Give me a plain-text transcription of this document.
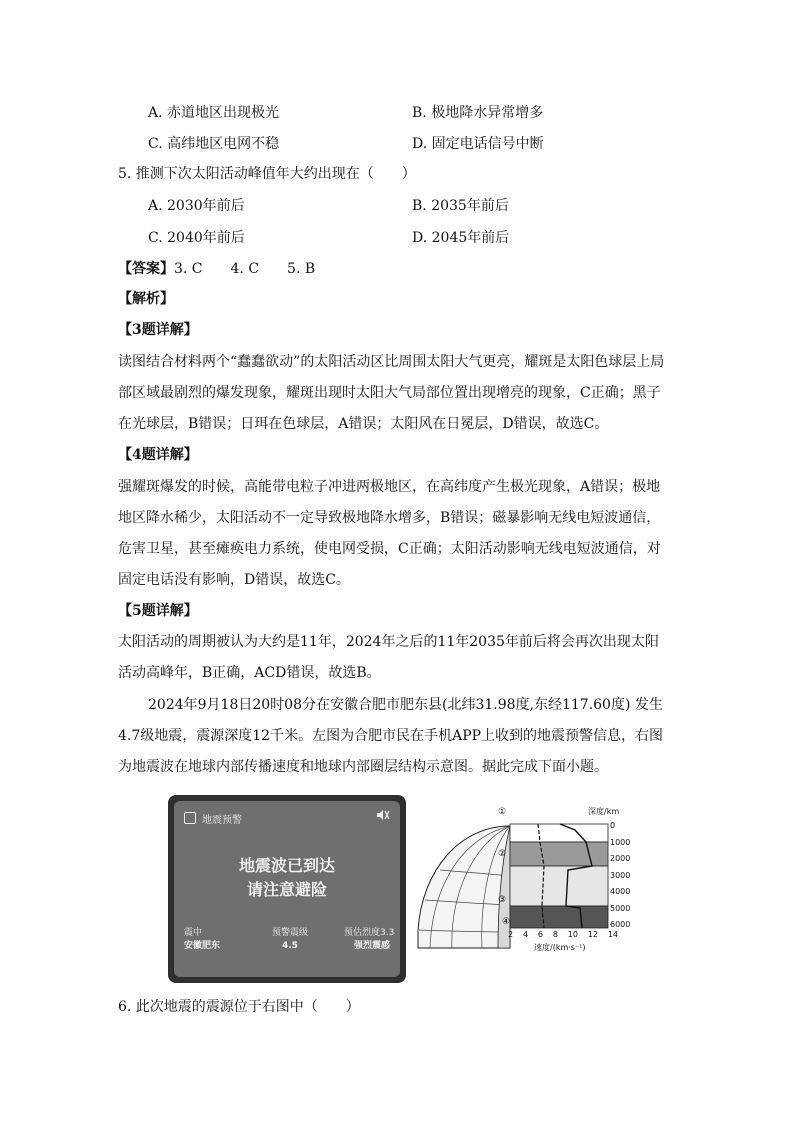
A. 赤道地区出现极光	B. 极地降水异常增多
C. 高纬地区电网不稳	D. 固定电话信号中断
5. 推测下次太阳活动峰值年大约出现在（　　）
A. 2030年前后	B. 2035年前后
C. 2040年前后	D. 2045年前后
【答案】3. C　　4. C　　5. B
【解析】
【3题详解】
读图结合材料两个“蠢蠢欲动”的太阳活动区比周围太阳大气更亮，耀斑是太阳色球层上局
部区域最剧烈的爆发现象，耀斑出现时太阳大气局部位置出现增亮的现象，C正确；黑子
在光球层，B错误；日珥在色球层，A错误；太阳风在日冕层，D错误，故选C。
【4题详解】
强耀斑爆发的时候，高能带电粒子冲进两极地区，在高纬度产生极光现象，A错误；极地
地区降水稀少，太阳活动不一定导致极地降水增多，B错误；磁暴影响无线电短波通信，
危害卫星，甚至瘫痪电力系统，使电网受损，C正确；太阳活动影响无线电短波通信，对
固定电话没有影响，D错误，故选C。
【5题详解】
太阳活动的周期被认为大约是11年，2024年之后的11年2035年前后将会再次出现太阳
活动高峰年，B正确，ACD错误，故选B。
2024年9月18日20时08分在安徽合肥市肥东县(北纬31.98度,东经117.60度) 发生
4.7级地震，震源深度12千米。左图为合肥市民在手机APP上收到的地震预警信息，右图
为地震波在地球内部传播速度和地球内部圈层结构示意图。据此完成下面小题。
地震预警
地震波已到达
请注意避险
震中
安徽肥东
预警震级
4.5
预估烈度3.3
强烈震感
①
②
③
④
深度/km
0
1000
2000
3000
4000
5000
6000
2 4 6 8 10 12 14
速度/(km·s⁻¹)
6. 此次地震的震源位于右图中（　　）
